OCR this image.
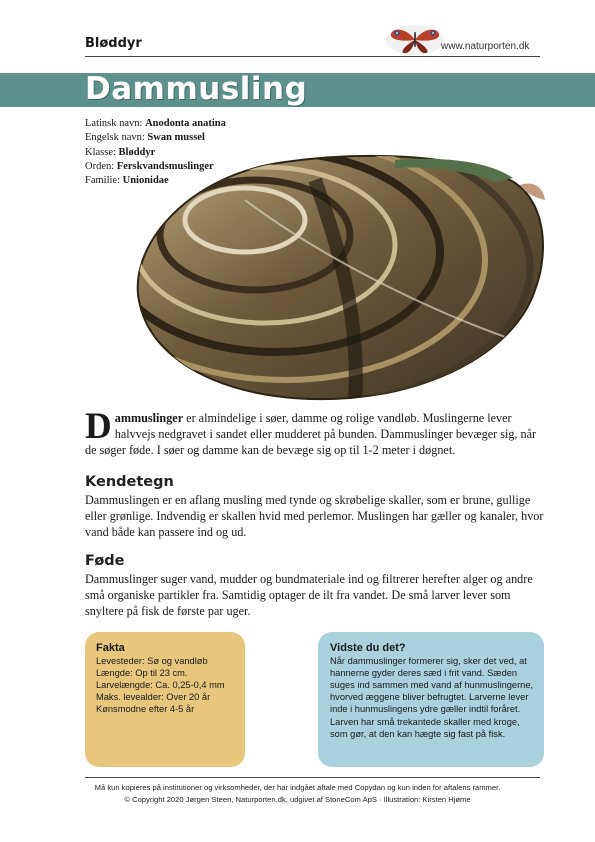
Bløddyr	www.naturporten.dk
Dammusling
Latinsk navn: Anodonta anatina
Engelsk navn: Swan mussel
Klasse: Bløddyr
Orden: Ferskvandsmuslinger
Familie: Unionidae
Dammuslinger er almindelige i søer, damme og rolige vandløb. Muslingerne lever halvvejs nedgravet i sandet eller mudderet på bunden. Dammuslinger bevæger sig, når de søger føde. I søer og damme kan de bevæge sig op til 1-2 meter i døgnet.
Kendetegn
Dammuslingen er en aflang musling med tynde og skrøbelige skaller, som er brune, gullige eller grønlige. Indvendig er skallen hvid med perlemor. Muslingen har gæller og kanaler, hvor vand både kan passere ind og ud.
Føde
Dammuslinger suger vand, mudder og bundmateriale ind og filtrerer herefter alger og andre små organiske partikler fra. Samtidig optager de ilt fra vandet. De små larver lever som snyltere på fisk de første par uger.
Fakta
Levesteder: Sø og vandløb
Længde: Op til 23 cm.
Larvelængde: Ca. 0,25-0,4 mm
Maks. levealder: Over 20 år
Kønsmodne efter 4-5 år
Vidste du det?
Når dammuslinger formerer sig, sker det ved, at hannerne gyder deres sæd i frit vand. Sæden suges ind sammen med vand af hunmuslingerne, hvorved æggene bliver befrugtet. Larverne lever inde i hunmuslingens ydre gæller indtil foråret. Larven har små trekantede skaller med kroge, som gør, at den kan hægte sig fast på fisk.
Må kun kopieres på institutioner og virksomheder, der har indgået aftale med Copydan og kun inden for aftalens rammer.
© Copyright 2020 Jørgen Steen, Naturporten.dk, udgivet af StoneCom ApS · Illustration: Kirsten Hjøme
